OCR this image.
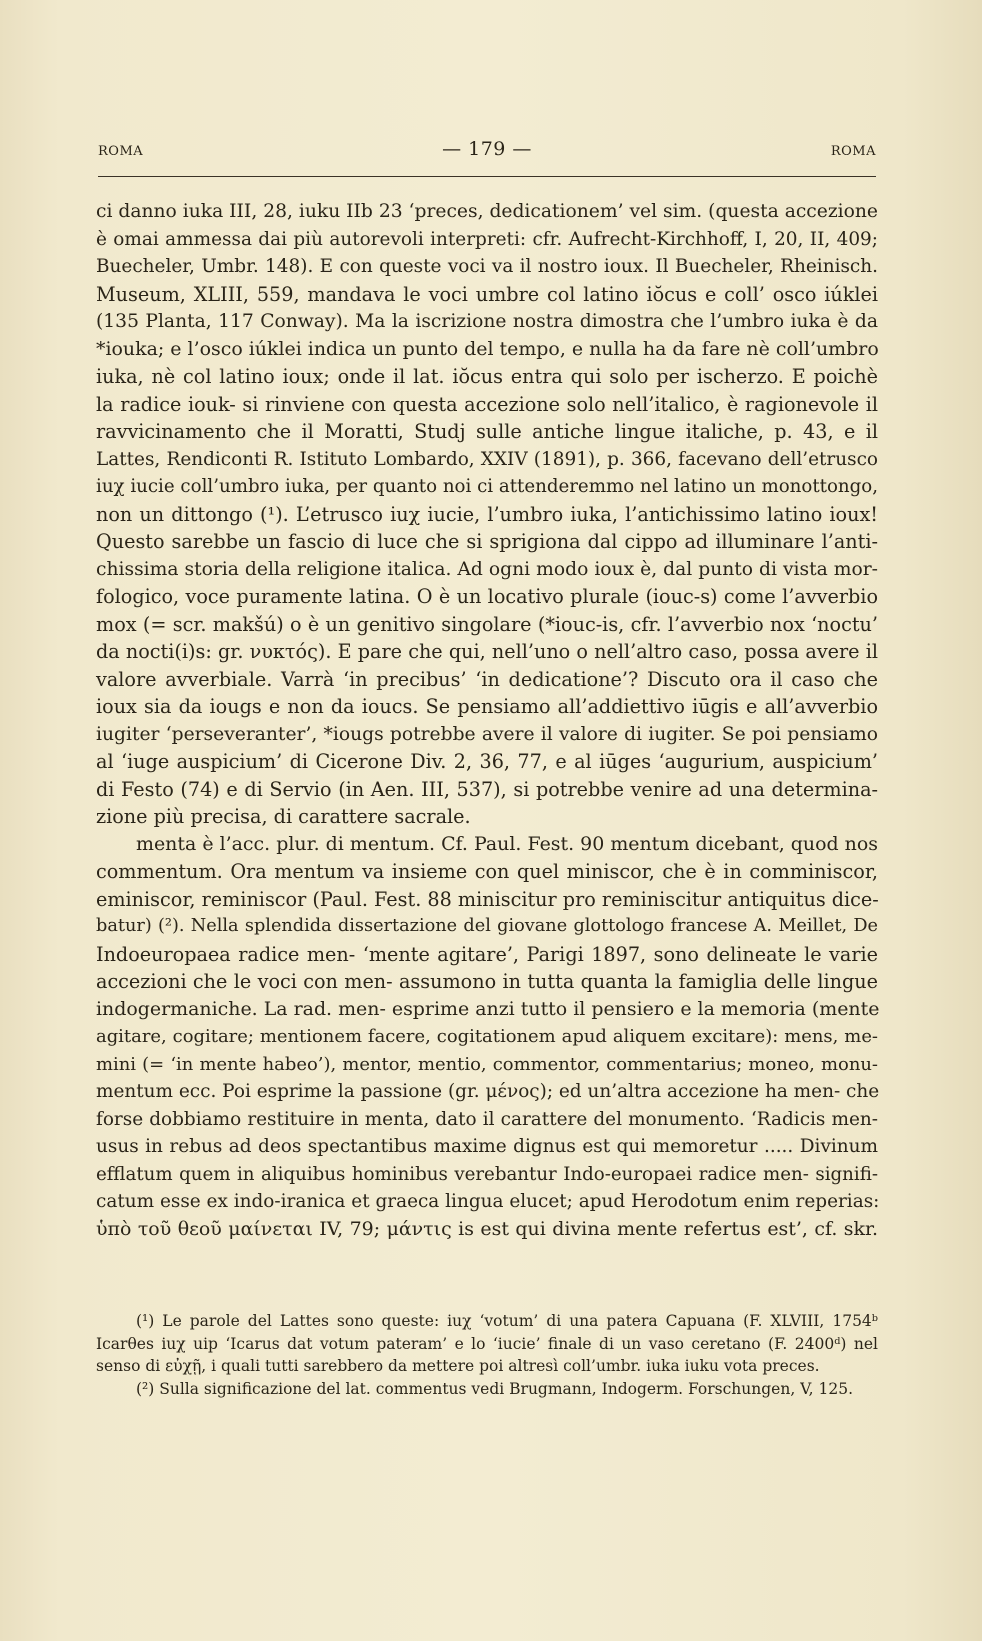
ROMA	— 179 —	ROMA
ci danno iuka III, 28, iuku IIb 23 ‘preces, dedicationem’ vel sim. (questa accezione
è omai ammessa dai più autorevoli interpreti: cfr. Aufrecht-Kirchhoff, I, 20, II, 409;
Buecheler, Umbr. 148). E con queste voci va il nostro ioux. Il Buecheler, Rheinisch.
Museum, XLIII, 559, mandava le voci umbre col latino iŏcus e coll’ osco iúklei
(135 Planta, 117 Conway). Ma la iscrizione nostra dimostra che l’umbro iuka è da
*iouka; e l’osco iúklei indica un punto del tempo, e nulla ha da fare nè coll’umbro
iuka, nè col latino ioux; onde il lat. iŏcus entra qui solo per ischerzo. E poichè
la radice iouk- si rinviene con questa accezione solo nell’italico, è ragionevole il
ravvicinamento che il Moratti, Studj sulle antiche lingue italiche, p. 43, e il
Lattes, Rendiconti R. Istituto Lombardo, XXIV (1891), p. 366, facevano dell’etrusco
iuχ iucie coll’umbro iuka, per quanto noi ci attenderemmo nel latino un monottongo,
non un dittongo (¹). L’etrusco iuχ iucie, l’umbro iuka, l’antichissimo latino ioux!
Questo sarebbe un fascio di luce che si sprigiona dal cippo ad illuminare l’anti-
chissima storia della religione italica. Ad ogni modo ioux è, dal punto di vista mor-
fologico, voce puramente latina. O è un locativo plurale (iouc-s) come l’avverbio
mox (= scr. makšú) o è un genitivo singolare (*iouc-is, cfr. l’avverbio nox ‘noctu’
da nocti(i)s: gr. νυκτός). E pare che qui, nell’uno o nell’altro caso, possa avere il
valore avverbiale. Varrà ‘in precibus’ ‘in dedicatione’? Discuto ora il caso che
ioux sia da iougs e non da ioucs. Se pensiamo all’addiettivo iūgis e all’avverbio
iugiter ‘perseveranter’, *iougs potrebbe avere il valore di iugiter. Se poi pensiamo
al ‘iuge auspicium’ di Cicerone Div. 2, 36, 77, e al iūges ‘augurium, auspicium’
di Festo (74) e di Servio (in Aen. III, 537), si potrebbe venire ad una determina-
zione più precisa, di carattere sacrale.
menta è l’acc. plur. di mentum. Cf. Paul. Fest. 90 mentum dicebant, quod nos
commentum. Ora mentum va insieme con quel miniscor, che è in comminiscor,
eminiscor, reminiscor (Paul. Fest. 88 miniscitur pro reminiscitur antiquitus dice-
batur) (²). Nella splendida dissertazione del giovane glottologo francese A. Meillet, De
Indoeuropaea radice men- ‘mente agitare’, Parigi 1897, sono delineate le varie
accezioni che le voci con men- assumono in tutta quanta la famiglia delle lingue
indogermaniche. La rad. men- esprime anzi tutto il pensiero e la memoria (mente
agitare, cogitare; mentionem facere, cogitationem apud aliquem excitare): mens, me-
mini (= ‘in mente habeo’), mentor, mentio, commentor, commentarius; moneo, monu-
mentum ecc. Poi esprime la passione (gr. μένος); ed un’altra accezione ha men- che
forse dobbiamo restituire in menta, dato il carattere del monumento. ‘Radicis men-
usus in rebus ad deos spectantibus maxime dignus est qui memoretur ..... Divinum
efflatum quem in aliquibus hominibus verebantur Indo-europaei radice men- signifi-
catum esse ex indo-iranica et graeca lingua elucet; apud Herodotum enim reperias:
ὑπὸ τοῦ θεοῦ μαίνεται IV, 79; μάντις is est qui divina mente refertus est’, cf. skr.
(¹) Le parole del Lattes sono queste: iuχ ‘votum’ di una patera Capuana (F. XLVIII, 1754ᵇ
Icarθes iuχ uip ‘Icarus dat votum pateram’ e lo ‘iucie’ finale di un vaso ceretano (F. 2400ᵈ) nel
senso di εὐχῇ, i quali tutti sarebbero da mettere poi altresì coll’umbr. iuka iuku vota preces.
(²) Sulla significazione del lat. commentus vedi Brugmann, Indogerm. Forschungen, V, 125.
